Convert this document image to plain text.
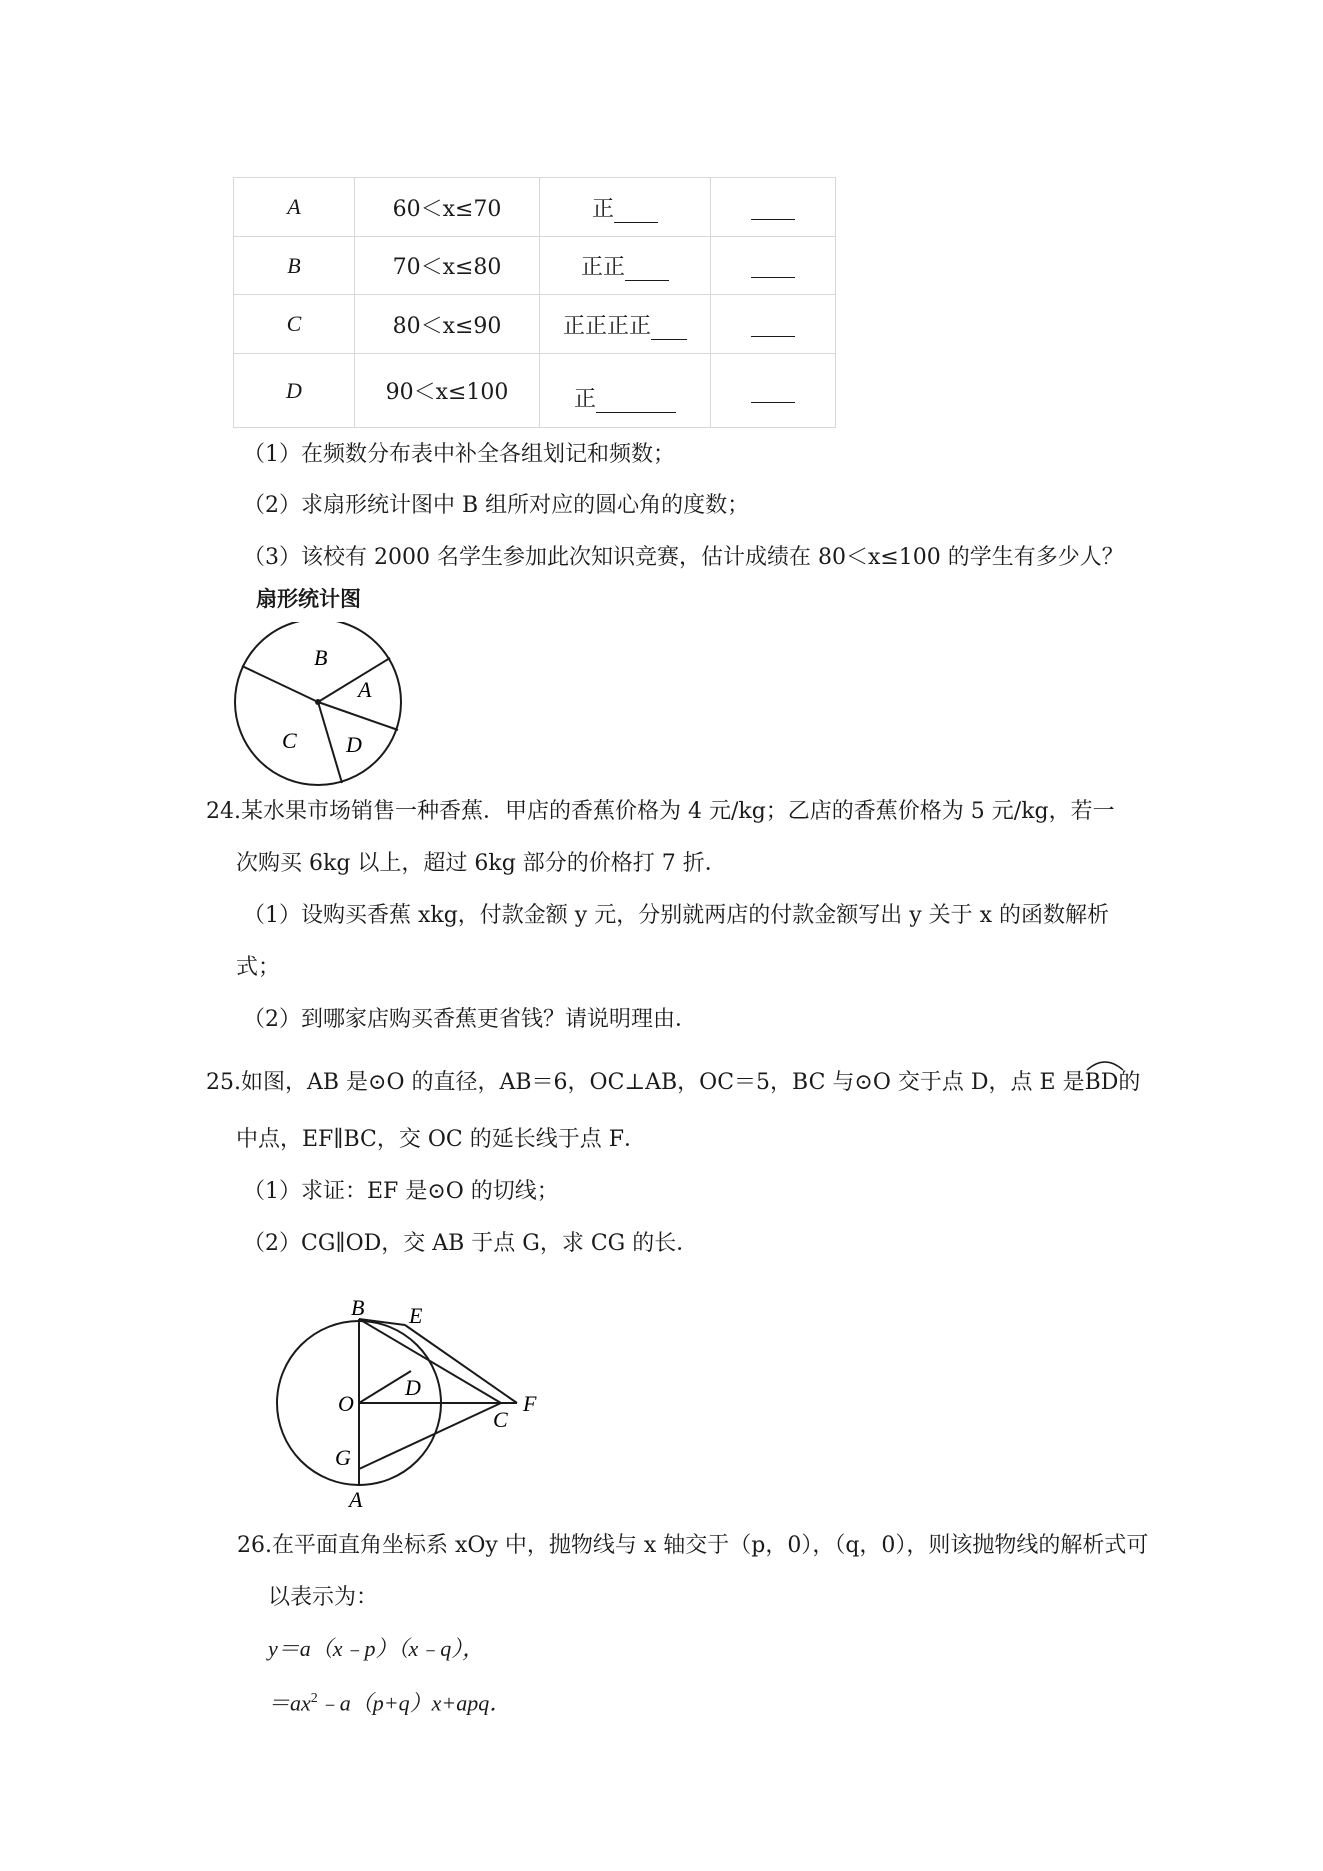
A	60＜x≤70	正	
B	70＜x≤80	正正	
C	80＜x≤90	正正正正	
D	90＜x≤100	正	
（1）在频数分布表中补全各组划记和频数；
（2）求扇形统计图中 B 组所对应的圆心角的度数；
（3）该校有 2000 名学生参加此次知识竞赛，估计成绩在 80＜x≤100 的学生有多少人？
扇形统计图
A
B
C D
24.某水果市场销售一种香蕉．甲店的香蕉价格为 4 元/kg；乙店的香蕉价格为 5 元/kg，若一
次购买 6kg 以上，超过 6kg 部分的价格打 7 折．
（1）设购买香蕉 xkg，付款金额 y 元，分别就两店的付款金额写出 y 关于 x 的函数解析
式；
（2）到哪家店购买香蕉更省钱？请说明理由．
25.如图，AB 是⊙O 的直径，AB＝6，OC⊥AB，OC＝5，BC 与⊙O 交于点 D，点 E 是
BD的
中点，EF∥BC，交 OC 的延长线于点 F．
（1）求证：EF 是⊙O 的切线；
（2）CG∥OD，交 AB 于点 G，求 CG 的长．
B E
D
O
C
F
G
A
26.在平面直角坐标系 xOy 中，抛物线与 x 轴交于（p，0），（q，0），则该抛物线的解析式可
以表示为：
y＝a（x﹣p）（x﹣q），
$=ax^2﹣a(p+q)x+apq$．
